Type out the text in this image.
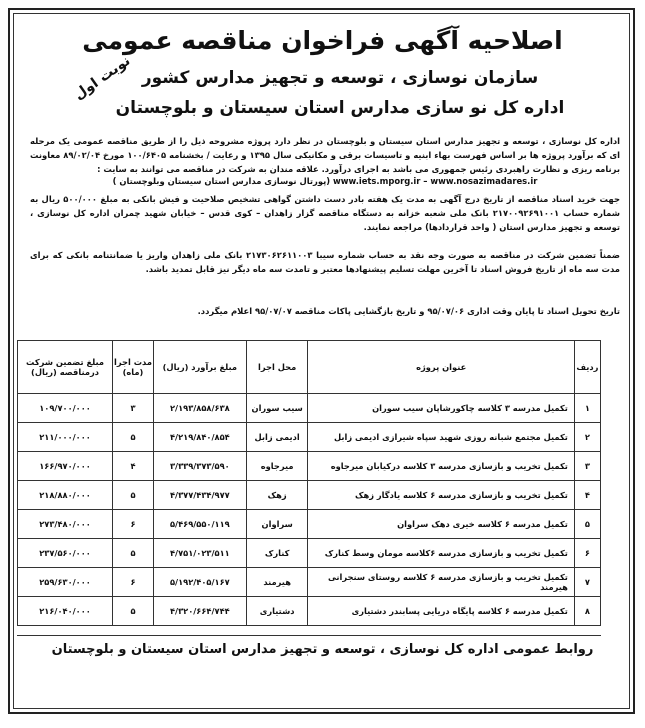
اصلاحیه آگهی فراخوان مناقصه عمومی
سازمان نوسازی ، توسعه و تجهیز مدارس کشور
اداره کل نو سازی مدارس استان سیستان و بلوچستان
نوبت اول
اداره کل نوسازی ، توسعه و تجهیز مدارس استان سیستان و بلوچستان در نظر دارد پروژه مشروحه ذیل را از طریق مناقصه عمومی یک مرحله ای که برآورد پروژه ها بر اساس فهرست بهاء ابنیه و تاسیسات برقی و مکانیکی سال ۱۳۹۵ و رعایت / بخشنامه ۱۰۰/۶۴۰۵ مورخ ۸۹/۰۲/۰۴ معاونت برنامه ریزی و نظارت راهبردی رئیس جمهوری می باشد به اجرای درآورد. علاقه مندان به شرکت در مناقصه می توانند به سایت :
www.iets.mporg.ir – www.nosazimadares.ir (پورتال نوسازی مدارس استان سیستان وبلوچستان )
جهت خرید اسناد مناقصه از تاریخ درج آگهی به مدت یک هفته بادر دست داشتن گواهی تشخیص صلاحیت و فیش بانکی به مبلغ ۵۰۰/۰۰۰ ریال به شماره حساب ۲۱۷۰۰۹۲۶۹۱۰۰۱ بانک ملی شعبه خزانه به دستگاه مناقصه گزار زاهدان – کوی قدس – خیابان شهید چمران اداره کل نوسازی ، توسعه و تجهیز مدارس استان ( واحد قراردادها) مراجعه نمایند.
ضمناً تضمین شرکت در مناقصه به صورت وجه نقد به حساب شماره سیبا ۲۱۷۳۰۶۲۶۱۱۰۰۳ بانک ملی زاهدان واریز یا ضمانتنامه بانکی که برای مدت سه ماه از تاریخ فروش اسناد تا آخرین مهلت تسلیم پیشنهادها معتبر و تامدت سه ماه دیگر نیز قابل تمدید باشد.
تاریخ تحویل اسناد تا پایان وقت اداری ۹۵/۰۷/۰۶ و تاریخ بازگشایی پاکات مناقصه ۹۵/۰۷/۰۷ اعلام میگردد.
ردیف	عنوان پروژه	محل اجرا	مبلغ برآورد (ریال)	مدت اجرا (ماه)	مبلغ تضمین شرکت درمناقصه (ریال)
۱	تکمیل مدرسه ۳ کلاسه چاکورشاپان سیب سوران	سیب سوران	۲/۱۹۳/۸۵۸/۶۳۸	۳	۱۰۹/۷۰۰/۰۰۰
۲	تکمیل مجتمع شبانه روزی شهید سپاه شیرازی ادیمی زابل	ادیمی زابل	۴/۲۱۹/۸۴۰/۸۵۴	۵	۲۱۱/۰۰۰/۰۰۰
۳	تکمیل تخریب و بازسازی مدرسه ۳ کلاسه درکیابان میرجاوه	میرجاوه	۳/۳۳۹/۳۷۳/۵۹۰	۴	۱۶۶/۹۷۰/۰۰۰
۴	تکمیل تخریب و بازسازی مدرسه ۶ کلاسه یادگار زهک	زهک	۴/۳۷۷/۴۳۴/۹۷۷	۵	۲۱۸/۸۸۰/۰۰۰
۵	تکمیل مدرسه ۶ کلاسه خیری دهک سراوان	سراوان	۵/۴۶۹/۵۵۰/۱۱۹	۶	۲۷۳/۴۸۰/۰۰۰
۶	تکمیل تخریب و بازسازی مدرسه ۶کلاسه مومان وسط کنارک	کنارک	۴/۷۵۱/۰۲۳/۵۱۱	۵	۲۳۷/۵۶۰/۰۰۰
۷	تکمیل تخریب و بازسازی مدرسه ۶ کلاسه روستای سنجرانی هیرمند	هیرمند	۵/۱۹۲/۴۰۵/۱۶۷	۶	۲۵۹/۶۳۰/۰۰۰
۸	تکمیل مدرسه ۶ کلاسه پایگاه دریایی پسابندر دشتیاری	دشتیاری	۴/۳۲۰/۶۶۴/۷۴۴	۵	۲۱۶/۰۴۰/۰۰۰
روابط عمومی اداره کل نوسازی ، توسعه و تجهیز مدارس استان سیستان و بلوچستان
